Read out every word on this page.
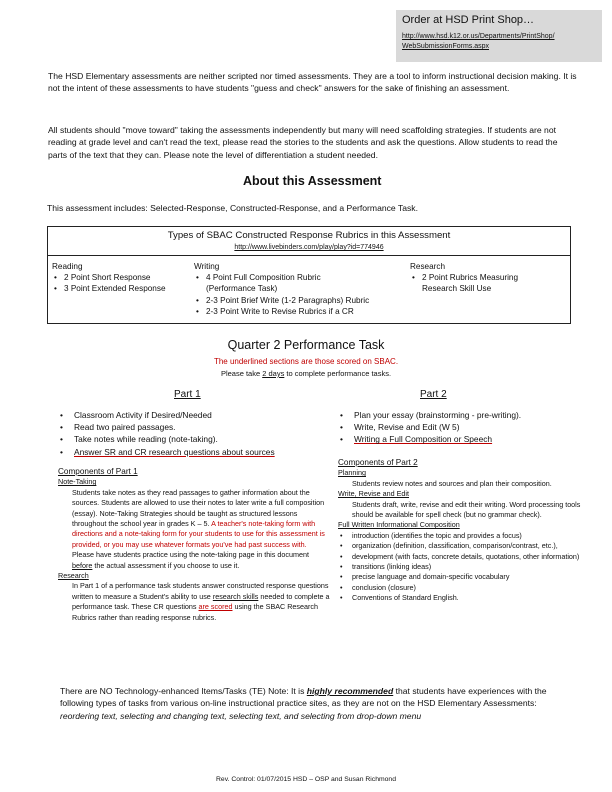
Order at HSD Print Shop…
http://www.hsd.k12.or.us/Departments/PrintShop/
WebSubmissionForms.aspx
The HSD Elementary assessments are neither scripted nor timed assessments. They are a tool to inform instructional decision making. It is not the intent of these assessments to have students "guess and check" answers for the sake of finishing an assessment.
All students should "move toward" taking the assessments independently but many will need scaffolding strategies. If students are not reading at grade level and can't read the text, please read the stories to the students and ask the questions. Allow students to read the parts of the text that they can. Please note the level of differentiation a student needed.
About this Assessment
This assessment includes: Selected-Response, Constructed-Response, and a Performance Task.
Types of SBAC Constructed Response Rubrics in this Assessment
http://www.livebinders.com/play/play?id=774946
Reading
• 2 Point Short Response
• 3 Point Extended Response
Writing
• 4 Point Full Composition Rubric
(Performance Task)
• 2-3 Point Brief Write (1-2 Paragraphs) Rubric
• 2-3 Point Write to Revise Rubrics if a CR
Research
• 2 Point Rubrics Measuring
Research Skill Use
Quarter 2 Performance Task
The underlined sections are those scored on SBAC.
Please take 2 days to complete performance tasks.
Part 1
• Classroom Activity if Desired/Needed
• Read two paired passages.
• Take notes while reading (note-taking).
• Answer SR and CR research questions about sources
Components of Part 1
Note-Taking
Students take notes as they read passages to gather information about the sources. Students are allowed to use their notes to later write a full composition (essay). Note-Taking Strategies should be taught as structured lessons throughout the school year in grades K – 5. A teacher's note-taking form with directions and a note-taking form for your students to use for this assessment is provided, or you may use whatever formats you've had past success with. Please have students practice using the note-taking page in this document before the actual assessment if you choose to use it.
Research
In Part 1 of a performance task students answer constructed response questions written to measure a Student's ability to use research skills needed to complete a performance task. These CR questions are scored using the SBAC Research Rubrics rather than reading response rubrics.
Part 2
• Plan your essay (brainstorming - pre-writing).
• Write, Revise and Edit (W 5)
• Writing a Full Composition or Speech
Components of Part 2
Planning
Students review notes and sources and plan their composition.
Write, Revise and Edit
Students draft, write, revise and edit their writing. Word processing tools should be available for spell check (but no grammar check).
Full Written Informational Composition
• introduction (identifies the topic and provides a focus)
• organization (definition, classification, comparison/contrast, etc.),
• development (with facts, concrete details, quotations, other information)
• transitions (linking ideas)
• precise language and domain-specific vocabulary
• conclusion (closure)
• Conventions of Standard English.
There are NO Technology-enhanced Items/Tasks (TE) Note: It is highly recommended that students have experiences with the following types of tasks from various on-line instructional practice sites, as they are not on the HSD Elementary Assessments: reordering text, selecting and changing text, selecting text, and selecting from drop-down menu
Rev. Control: 01/07/2015 HSD – OSP and Susan Richmond
